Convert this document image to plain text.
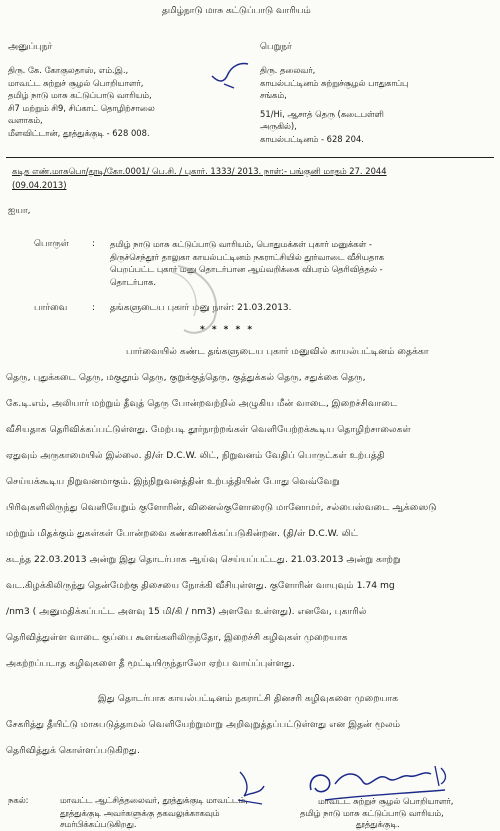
தமிழ்நாடு மாசு கட்டுப்பாடு வாரியம்
அனுப்புநர்
திரு. கே. கோகுலதாஸ், எம்.இ.,
மாவட்ட சுற்றுச் சூழல் பொறியாளர்,
தமிழ் நாடு மாசு கட்டுப்பாடு வாரியம்,
சி7 மற்றும் சி9, சிப்காட் தொழிற்சாலை
வளாகம்,
மீளவிட்டான், தூத்துக்குடி - 628 008.
பெறுநர்
திரு. தலைவர்,
காயல்பட்டினம் சுற்றுச்சூழல் பாதுகாப்பு
சங்கம்,
51/Hi, ஆசாத் தெரு (கடைபள்ளி
அருகில்),
காயல்பட்டினம் - 628 204.
கடித எண்.மாசுபொ/தூடி/கோ.0001/ பெ.சி. / புகார். 1333/ 2013. நாள்:- பங்குனி மாதம் 27. 2044
(09.04.2013)
ஐயா,
பொருள்	: தமிழ் நாடு மாசு கட்டுப்பாடு வாரியம், பொதுமக்கள் புகார் மனுக்கள் -
திருச்செந்தூர் தாலுகா காயல்பட்டினம் நகராட்சியில் தூர்வாடை வீசியதாக
பெறப்பட்ட புகார் மனு தொடர்பான ஆய்வறிக்கை விபரம் தெரிவித்தல் -
தொடர்பாக.
பார்வை	: தங்களுடைய புகார் மனு நாள்: 21.03.2013.
* * * * *
பார்வையில் கண்ட தங்களுடைய புகார் மனுவில் காயல்பட்டினம் தைக்கா
தெரு, புதுக்கடை தெரு, மகுதூம் தெரு, குறுக்குத்தெரு, குத்துக்கல் தெரு, சதுக்கை தெரு,
கே.டி.எம், அலியார் மற்றும் தீவுத் தெரு போன்றவற்றில் அழுகிய மீன் வாடை, இறைச்சிவாடை
வீசியதாக தெரிவிக்கப்பட்டுள்ளது. மேற்படி தூர்நாற்றங்கள் வெளியேற்றக்கூடிய தொழிற்சாலைகள்
ஏதுவும் அருகாமையில் இல்லை. தி/ள் D.C.W. லிட், நிறுவனம் வேதிப் பொருட்கள் உற்பத்தி
செய்யக்கூடிய நிறுவனமாகும். இந்நிறுவனத்தின் உற்பத்தியின் போது வெவ்வேறு
பிரிவுகளிலிருந்து வெளியேறும் குளோரின், வினைல்குளோரைடு மானோமர், சல்பைஸ்வடை ஆக்ஸைடு
மற்றும் மிதக்கும் துகள்கள் போன்றவை கண்காணிக்கப்படுகின்றன. (தி/ள் D.C.W. லிட்
கடந்த 22.03.2013 அன்று இது தொடர்பாக ஆய்வு செய்யப்பட்டது. 21.03.2013 அன்று காற்று
வட.கிழக்கிலிருந்து தென்மேற்கு திசையை நோக்கி வீசியுள்ளது. குளோரின் வாயுவும் 1.74 mg
/nm3 ( அனுமதிக்கப்பட்ட அளவு 15 மி/கி / nm3) அளவே உள்ளது). எனவே, புகாரில்
தெரிவித்துள்ள வாடை குப்பை கூளங்களிலிருந்தோ, இறைச்சி கழிவுகள் முறையாக
அகற்றப்படாத கழிவுகளை தீ மூட்டியிருந்தாலோ ஏற்ப வாய்ப்புள்ளது.
இது தொடர்பாக காயல்பட்டினம் நகராட்சி தினசரி கழிவுகளை முறையாக
சேகரித்து தீயிட்டு மாசுபடுத்தாமல் வெளியேற்றுமாறு அறிவுறுத்தப்பட்டுள்ளது என இதன் மூலம்
தெரிவித்துக் கொள்ளப்படுகிறது.
மாவட்ட சுற்றுச் சூழல் பொறியாளர்,
தமிழ் நாடு மாசு கட்டுப்பாடு வாரியம்,
தூத்துக்குடி.
நகல்:	மாவட்ட ஆட்சித்தலைவர், தூத்துக்குடி மாவட்டம்,
தூத்துக்குடி அவர்களுக்கு தகவலுக்காகவும்
சமர்பிக்கப்படுகிறது.
